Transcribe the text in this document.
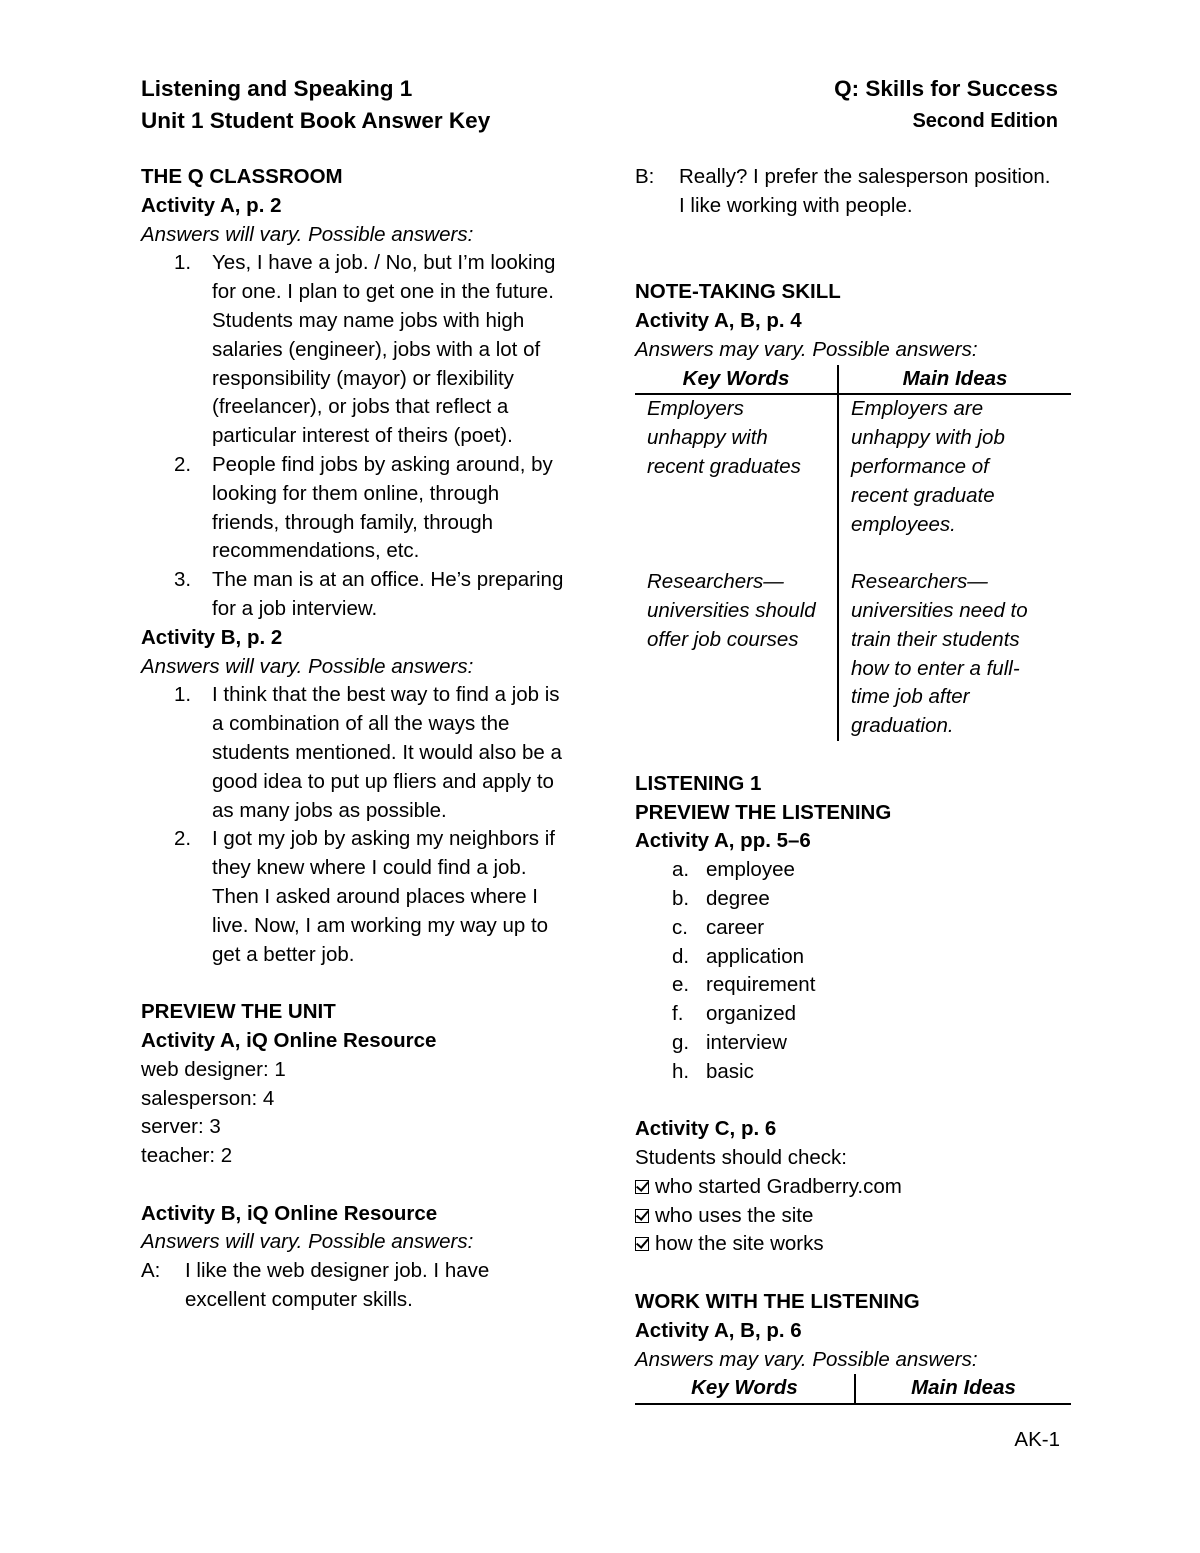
Listening and Speaking 1
Unit 1 Student Book Answer Key
Q: Skills for Success
Second Edition
THE Q CLASSROOM
Activity A, p. 2
Answers will vary. Possible answers:
1. Yes, I have a job. / No, but I’m looking for one. I plan to get one in the future.
Students may name jobs with high salaries (engineer), jobs with a lot of responsibility (mayor) or flexibility (freelancer), or jobs that reflect a particular interest of theirs (poet).
2. People find jobs by asking around, by looking for them online, through friends, through family, through recommendations, etc.
3. The man is at an office. He’s preparing for a job interview.
Activity B, p. 2
Answers will vary. Possible answers:
1. I think that the best way to find a job is a combination of all the ways the students mentioned. It would also be a good idea to put up fliers and apply to as many jobs as possible.
2. I got my job by asking my neighbors if they knew where I could find a job. Then I asked around places where I live. Now, I am working my way up to get a better job.
PREVIEW THE UNIT
Activity A, iQ Online Resource
web designer: 1
salesperson: 4
server: 3
teacher: 2
Activity B, iQ Online Resource
Answers will vary. Possible answers:
A: I like the web designer job. I have excellent computer skills.
B: Really? I prefer the salesperson position. I like working with people.
NOTE-TAKING SKILL
Activity A, B, p. 4
Answers may vary. Possible answers:
Key Words	Main Ideas

Employers unhappy with recent graduates	Employers are unhappy with job performance of recent graduate employees.

Researchers— universities should offer job courses	Researchers— universities need to train their students how to enter a full-time job after graduation.
LISTENING 1
PREVIEW THE LISTENING
Activity A, pp. 5–6
a. employee
b. degree
c. career
d. application
e. requirement
f. organized
g. interview
h. basic
Activity C, p. 6
Students should check:
who started Gradberry.com
who uses the site
how the site works
WORK WITH THE LISTENING
Activity A, B, p. 6
Answers may vary. Possible answers:
Key Words	Main Ideas
AK-1
